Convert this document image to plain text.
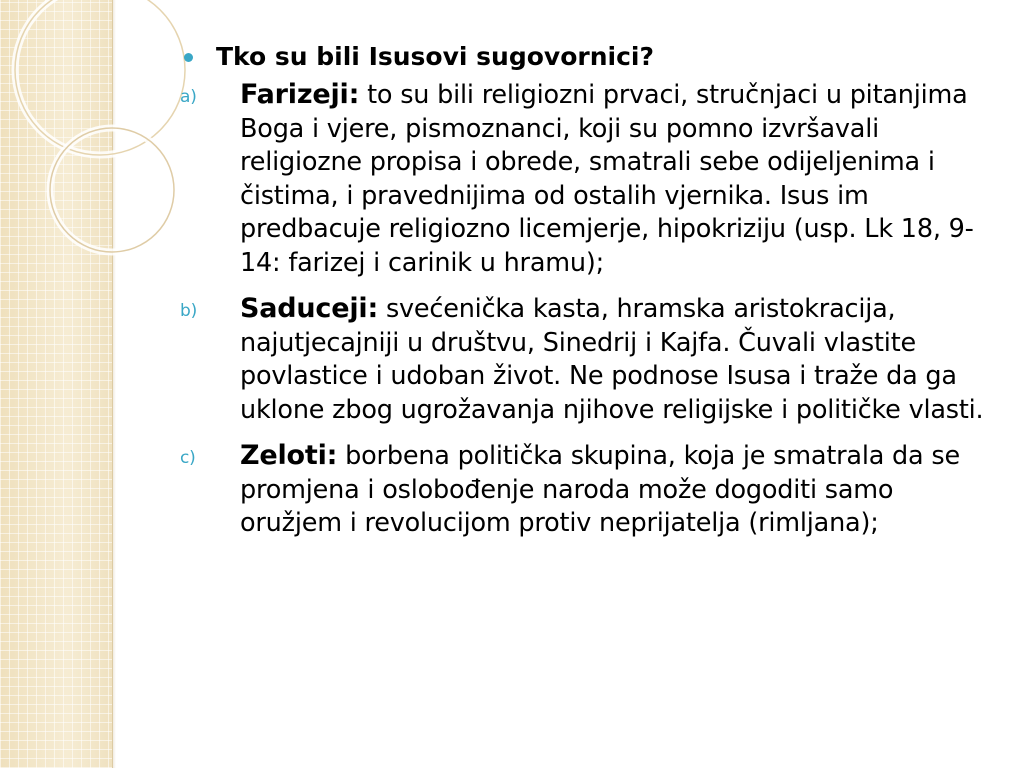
Tko su bili Isusovi sugovornici?
a) Farizeji: to su bili religiozni prvaci, stručnjaci u pitanjima Boga i vjere, pismoznanci, koji su pomno izvršavali religiozne propisa i obrede, smatrali sebe odijeljenima i čistima, i pravednijima od ostalih vjernika. Isus im predbacuje religiozno licemjerje, hipokriziju (usp. Lk 18, 9-14: farizej i carinik u hramu);
b) Saduceji: svećenička kasta, hramska aristokracija, najutjecajniji u društvu, Sinedrij i Kajfa. Čuvali vlastite povlastice i udoban život. Ne podnose Isusa i traže da ga uklone zbog ugrožavanja njihove religijske i političke vlasti.
c) Zeloti: borbena politička skupina, koja je smatrala da se promjena i oslobođenje naroda može dogoditi samo oružjem i revolucijom protiv neprijatelja (rimljana);
